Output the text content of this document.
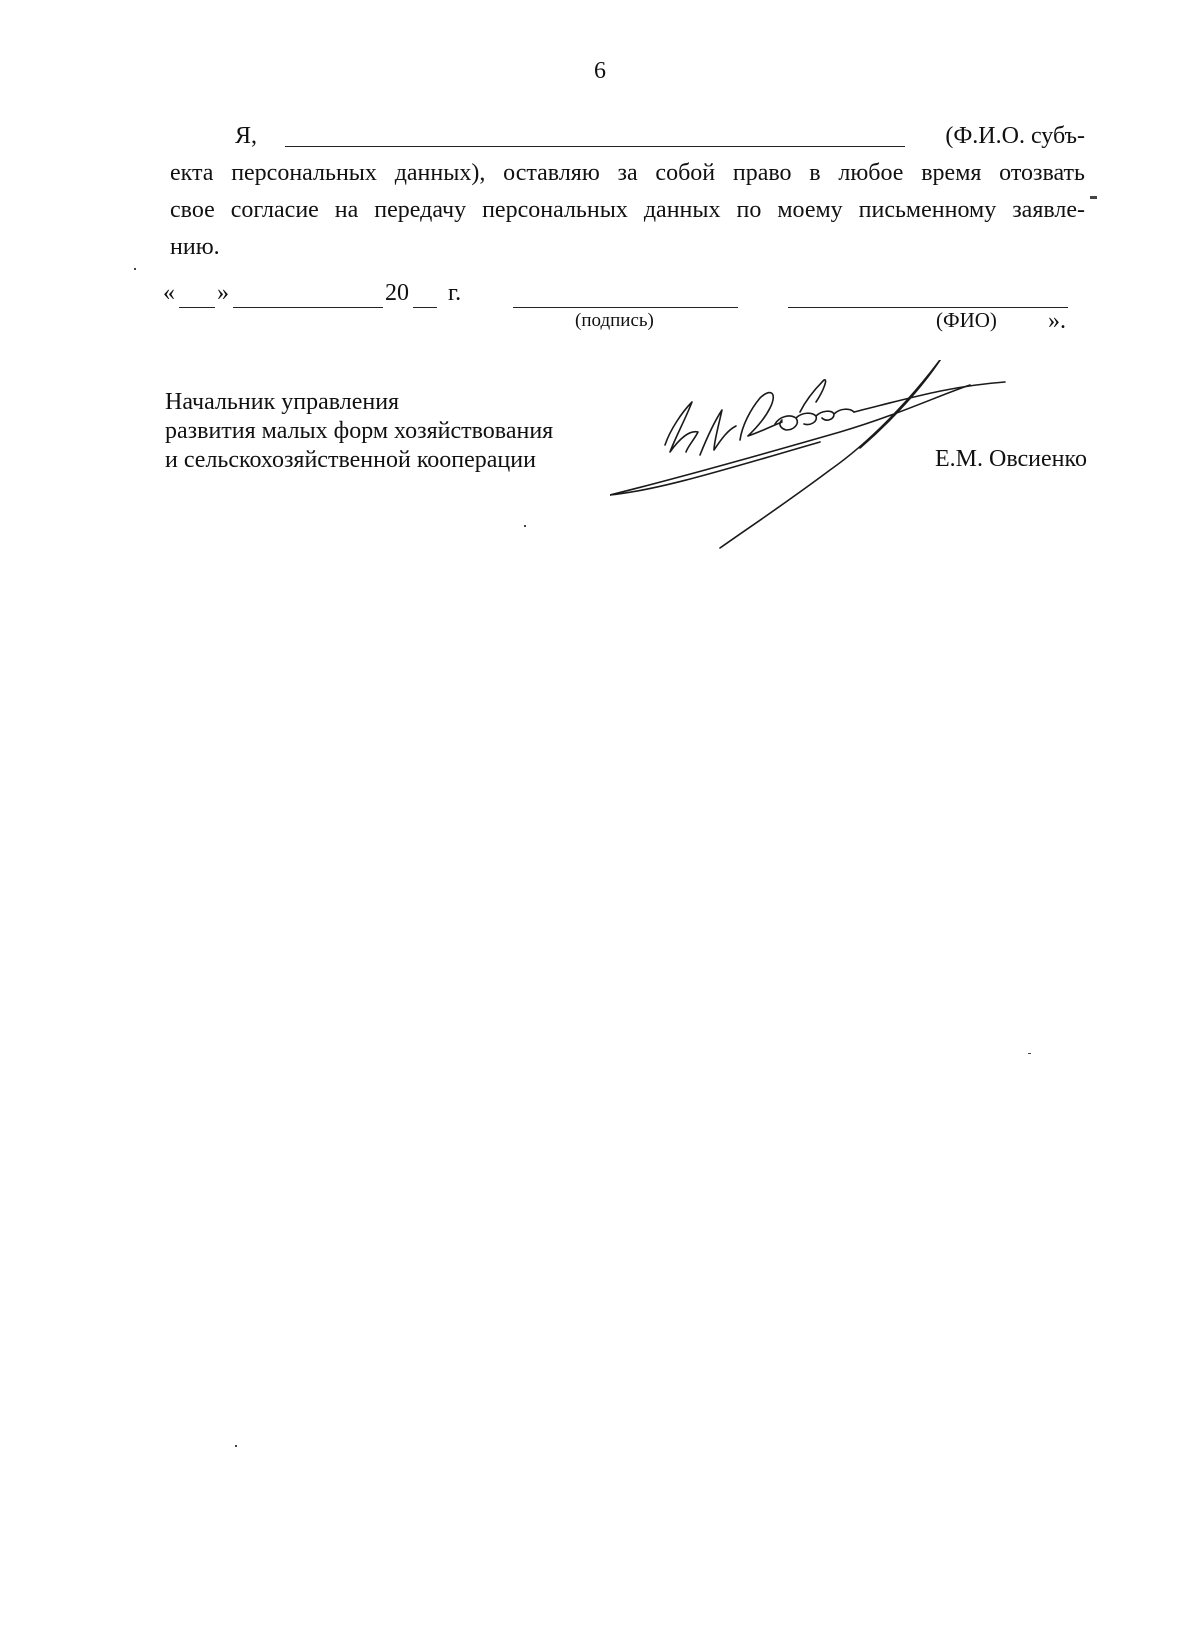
6
Я,	(Ф.И.О. субъ-
екта персональных данных), оставляю за собой право в любое время отозвать
свое согласие на передачу персональных данных по моему письменному заявле-
нию.
« »	20 г.
(подпись)	(ФИО) ».
Начальник управления
развития малых форм хозяйствования
и сельскохозяйственной кооперации	Е.М. Овсиенко
